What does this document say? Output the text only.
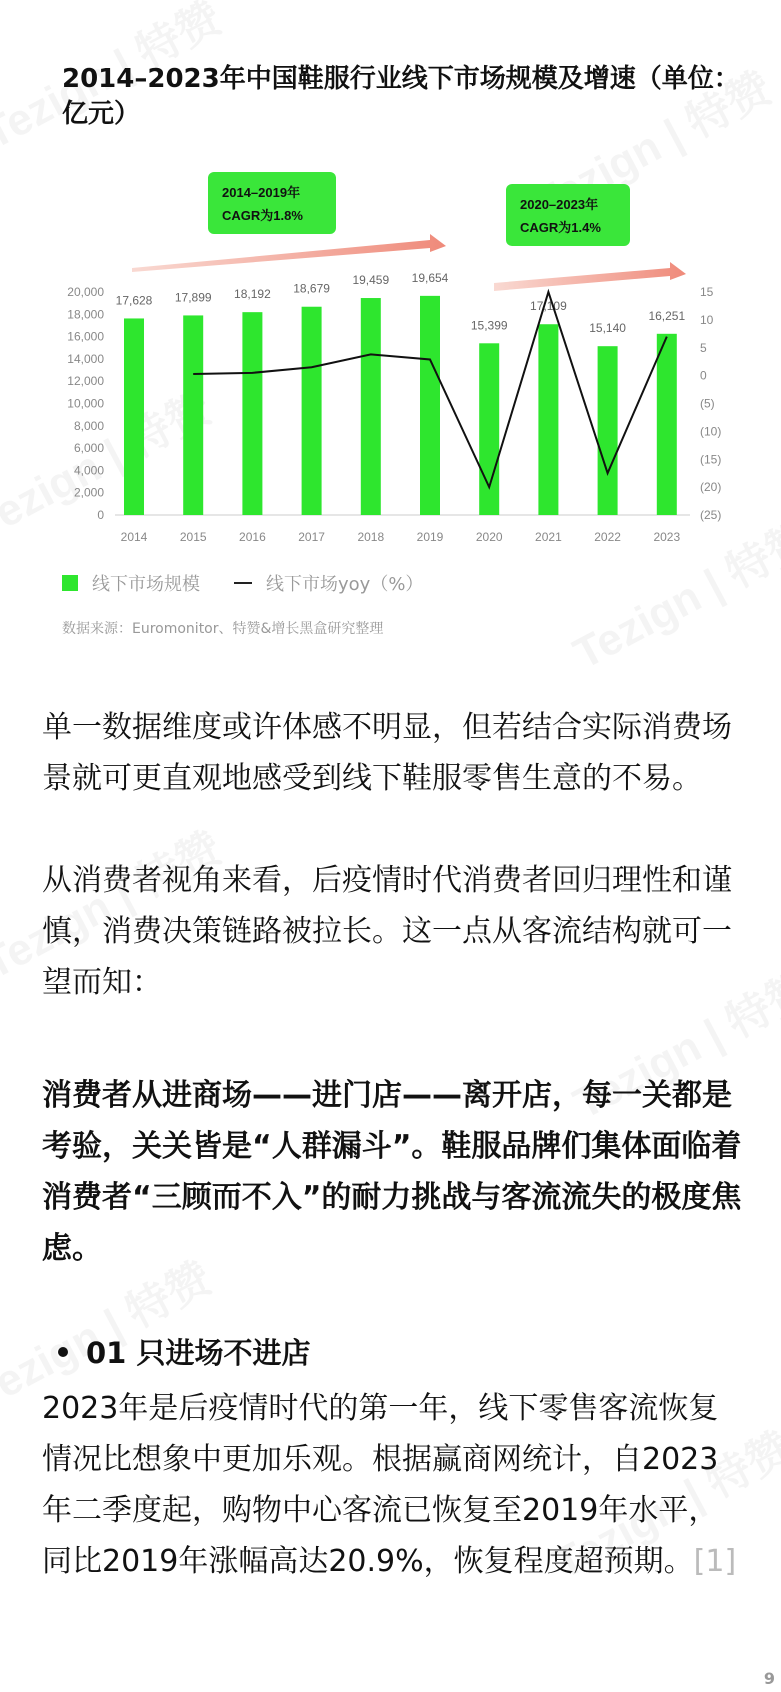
2014–2023年中国鞋服行业线下市场规模及增速（单位：亿元）
0
2,000
4,000
6,000
8,000
10,000
12,000
14,000
16,000
18,000
20,000	15
10
5
0
(5)
(10)
(15)
(20)
(25)
17,628
2014
17,899
2015
18,192
2016
18,679
2017
19,459
2018
19,654
2019
15,399
2020
17,109
2021
15,140
2022
16,251
2023
2014–2019年
CAGR为1.8%
2020–2023年
CAGR为1.4%
线下市场规模	线下市场yoy（%）
数据来源：Euromonitor、特赞&增长黑盒研究整理
单一数据维度或许体感不明显，但若结合实际消费场景就可更直观地感受到线下鞋服零售生意的不易。
从消费者视角来看，后疫情时代消费者回归理性和谨慎，消费决策链路被拉长。这一点从客流结构就可一望而知：
消费者从进商场——进门店——离开店，每一关都是考验，关关皆是“人群漏斗”。鞋服品牌们集体面临着消费者“三顾而不入”的耐力挑战与客流流失的极度焦虑。
01 只进场不进店
2023年是后疫情时代的第一年，线下零售客流恢复情况比想象中更加乐观。根据赢商网统计，自2023年二季度起，购物中心客流已恢复至2019年水平，同比2019年涨幅高达20.9%，恢复程度超预期。[1]
9
